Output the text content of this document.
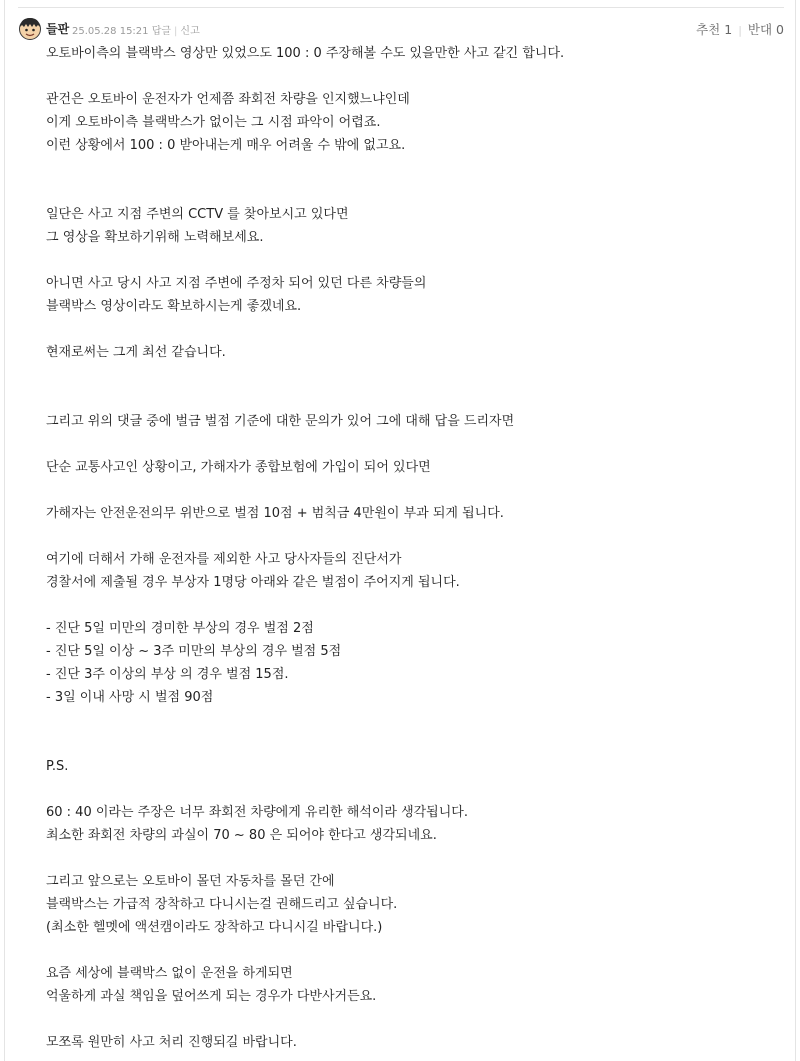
들판 25.05.28 15:21 답글 | 신고	추천 1 | 반대 0
오토바이측의 블랙박스 영상만 있었으도 100 : 0 주장해볼 수도 있을만한 사고 같긴 합니다.
관건은 오토바이 운전자가 언제쯤 좌회전 차량을 인지했느냐인데
이게 오토바이측 블랙박스가 없이는 그 시점 파악이 어렵죠.
이런 상황에서 100 : 0 받아내는게 매우 어려울 수 밖에 없고요.
일단은 사고 지점 주변의 CCTV 를 찾아보시고 있다면
그 영상을 확보하기위해 노력해보세요.
아니면 사고 당시 사고 지점 주변에 주정차 되어 있던 다른 차량들의
블랙박스 영상이라도 확보하시는게 좋겠네요.
현재로써는 그게 최선 같습니다.
그리고 위의 댓글 중에 벌금 벌점 기준에 대한 문의가 있어 그에 대해 답을 드리자면
단순 교통사고인 상황이고, 가해자가 종합보험에 가입이 되어 있다면
가해자는 안전운전의무 위반으로 벌점 10점 + 범칙금 4만원이 부과 되게 됩니다.
여기에 더해서 가해 운전자를 제외한 사고 당사자들의 진단서가
경찰서에 제출될 경우 부상자 1명당 아래와 같은 벌점이 주어지게 됩니다.
- 진단 5일 미만의 경미한 부상의 경우 벌점 2점
- 진단 5일 이상 ~ 3주 미만의 부상의 경우 벌점 5점
- 진단 3주 이상의 부상 의 경우 벌점 15점.
- 3일 이내 사망 시 벌점 90점
P.S.
60 : 40 이라는 주장은 너무 좌회전 차량에게 유리한 해석이라 생각됩니다.
최소한 좌회전 차량의 과실이 70 ~ 80 은 되어야 한다고 생각되네요.
그리고 앞으로는 오토바이 몰던 자동차를 몰던 간에
블랙박스는 가급적 장착하고 다니시는걸 권해드리고 싶습니다.
(최소한 헬멧에 액션캠이라도 장착하고 다니시길 바랍니다.)
요즘 세상에 블랙박스 없이 운전을 하게되면
억울하게 과실 책임을 덮어쓰게 되는 경우가 다반사거든요.
모쪼록 원만히 사고 처리 진행되길 바랍니다.
